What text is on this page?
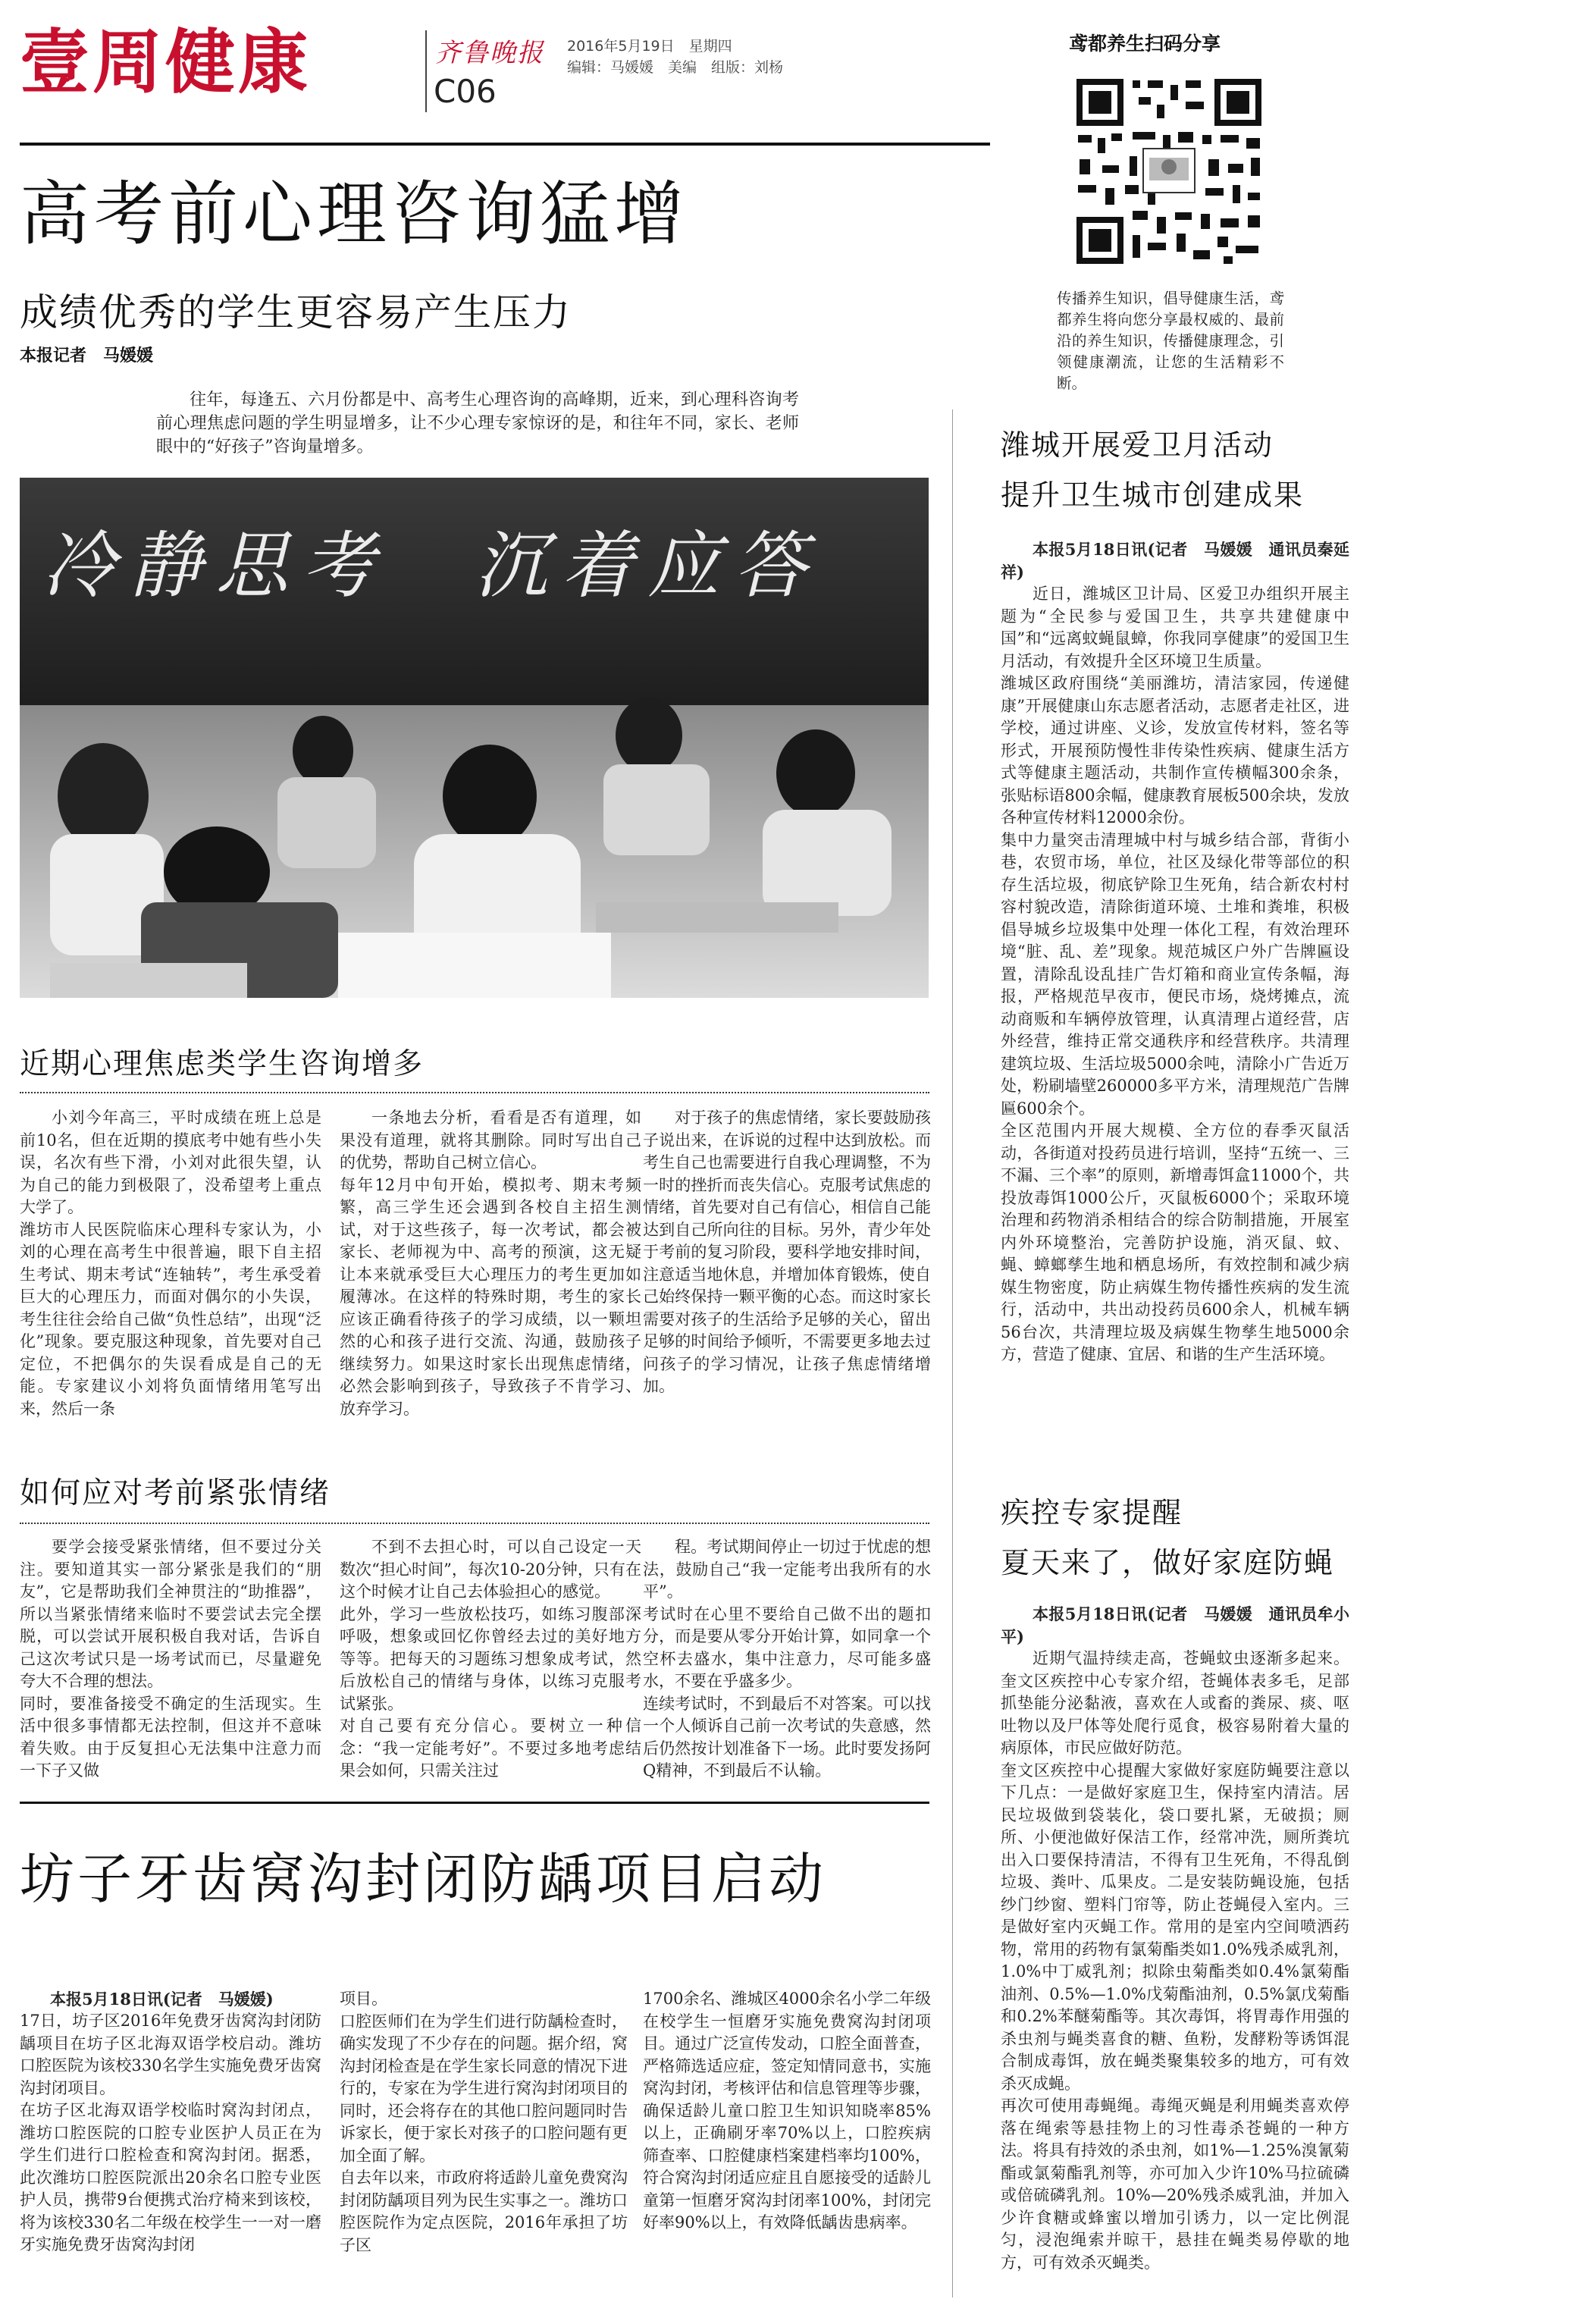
壹周健康	齐鲁晚报
C06
2016年5月19日　星期四
编辑：马媛媛　美编　组版：刘杨
鸢都养生扫码分享
传播养生知识，倡导健康生活，鸢都养生将向您分享最权威的、最前沿的养生知识，传播健康理念，引领健康潮流，让您的生活精彩不断。
高考前心理咨询猛增
成绩优秀的学生更容易产生压力
本报记者　马媛媛
往年，每逢五、六月份都是中、高考生心理咨询的高峰期，近来，到心理科咨询考前心理焦虑问题的学生明显增多，让不少心理专家惊讶的是，和往年不同，家长、老师眼中的“好孩子”咨询量增多。
冷静思考　沉着应答
近期心理焦虑类学生咨询增多

小刘今年高三，平时成绩在班上总是前10名，但在近期的摸底考中她有些小失误，名次有些下滑，小刘对此很失望，认为自己的能力到极限了，没希望考上重点大学了。
潍坊市人民医院临床心理科专家认为，小刘的心理在高考生中很普遍，眼下自主招生考试、期末考试“连轴转”，考生承受着巨大的心理压力，而面对偶尔的小失误，考生往往会给自己做“负性总结”，出现“泛化”现象。要克服这种现象，首先要对自己定位，不把偶尔的失误看成是自己的无能。专家建议小刘将负面情绪用笔写出来，然后一条

一条地去分析，看看是否有道理，如果没有道理，就将其删除。同时写出自己的优势，帮助自己树立信心。
每年12月中旬开始，模拟考、期末考频繁，高三学生还会遇到各校自主招生测试，对于这些孩子，每一次考试，都会被家长、老师视为中、高考的预演，这无疑让本来就承受巨大心理压力的考生更加如履薄冰。在这样的特殊时期，考生的家长应该正确看待孩子的学习成绩，以一颗坦然的心和孩子进行交流、沟通，鼓励孩子继续努力。如果这时家长出现焦虑情绪，必然会影响到孩子，导致孩子不肯学习、放弃学习。

对于孩子的焦虑情绪，家长要鼓励孩子说出来，在诉说的过程中达到放松。而考生自己也需要进行自我心理调整，不为一时的挫折而丧失信心。克服考试焦虑的情绪，首先要对自己有信心，相信自己能达到自己所向往的目标。另外，青少年处于考前的复习阶段，要科学地安排时间，注意适当地休息，并增加体育锻炼，使自己始终保持一颗平衡的心态。而这时家长需要对孩子的生活给予足够的关心，留出足够的时间给予倾听，不需要更多地去过问孩子的学习情况，让孩子焦虑情绪增加。

如何应对考前紧张情绪

要学会接受紧张情绪，但不要过分关注。要知道其实一部分紧张是我们的“朋友”，它是帮助我们全神贯注的“助推器”，所以当紧张情绪来临时不要尝试去完全摆脱，可以尝试开展积极自我对话，告诉自己这次考试只是一场考试而已，尽量避免夸大不合理的想法。
同时，要准备接受不确定的生活现实。生活中很多事情都无法控制，但这并不意味着失败。由于反复担心无法集中注意力而一下子又做

不到不去担心时，可以自己设定一天数次“担心时间”，每次10-20分钟，只有在这个时候才让自己去体验担心的感觉。
此外，学习一些放松技巧，如练习腹部深呼吸，想象或回忆你曾经去过的美好地方等等。把每天的习题练习想象成考试，然后放松自己的情绪与身体，以练习克服考试紧张。
对自己要有充分信心。要树立一种信念：“我一定能考好”。不要过多地考虑结果会如何，只需关注过

程。考试期间停止一切过于忧虑的想法，鼓励自己“我一定能考出我所有的水平”。
考试时在心里不要给自己做不出的题扣分，而是要从零分开始计算，如同拿一个空杯去盛水，集中注意力，尽可能多盛水，不要在乎盛多少。
连续考试时，不到最后不对答案。可以找一个人倾诉自己前一次考试的失意感，然后仍然按计划准备下一场。此时要发扬阿Q精神，不到最后不认输。

坊子牙齿窝沟封闭防龋项目启动
本报5月18日讯(记者　马媛媛)

17日，坊子区2016年免费牙齿窝沟封闭防龋项目在坊子区北海双语学校启动。潍坊口腔医院为该校330名学生实施免费牙齿窝沟封闭项目。
在坊子区北海双语学校临时窝沟封闭点，潍坊口腔医院的口腔专业医护人员正在为学生们进行口腔检查和窝沟封闭。据悉，此次潍坊口腔医院派出20余名口腔专业医护人员，携带9台便携式治疗椅来到该校，将为该校330名二年级在校学生一一对一磨牙实施免费牙齿窝沟封闭

项目。
口腔医师们在为学生们进行防龋检查时，确实发现了不少存在的问题。据介绍，窝沟封闭检查是在学生家长同意的情况下进行的，专家在为学生进行窝沟封闭项目的同时，还会将存在的其他口腔问题同时告诉家长，便于家长对孩子的口腔问题有更加全面了解。
自去年以来，市政府将适龄儿童免费窝沟封闭防龋项目列为民生实事之一。潍坊口腔医院作为定点医院，2016年承担了坊子区

1700余名、潍城区4000余名小学二年级在校学生一恒磨牙实施免费窝沟封闭项目。通过广泛宣传发动，口腔全面普查，严格筛选适应症，签定知情同意书，实施窝沟封闭，考核评估和信息管理等步骤，确保适龄儿童口腔卫生知识知晓率85%以上，正确刷牙率70%以上，口腔疾病筛查率、口腔健康档案建档率均100%，符合窝沟封闭适应症且自愿接受的适龄儿童第一恒磨牙窝沟封闭率100%，封闭完好率90%以上，有效降低龋齿患病率。

潍城开展爱卫月活动
提升卫生城市创建成果

本报5月18日讯(记者　马媛媛　通讯员秦延祥)

近日，潍城区卫计局、区爱卫办组织开展主题为“全民参与爱国卫生，共享共建健康中国”和“远离蚊蝇鼠蟑，你我同享健康”的爱国卫生月活动，有效提升全区环境卫生质量。
潍城区政府围绕“美丽潍坊，清洁家园，传递健康”开展健康山东志愿者活动，志愿者走社区，进学校，通过讲座、义诊，发放宣传材料，签名等形式，开展预防慢性非传染性疾病、健康生活方式等健康主题活动，共制作宣传横幅300余条，张贴标语800余幅，健康教育展板500余块，发放各种宣传材料12000余份。
集中力量突击清理城中村与城乡结合部，背街小巷，农贸市场，单位，社区及绿化带等部位的积存生活垃圾，彻底铲除卫生死角，结合新农村村容村貌改造，清除街道环境、土堆和粪堆，积极倡导城乡垃圾集中处理一体化工程，有效治理环境“脏、乱、差”现象。规范城区户外广告牌匾设置，清除乱设乱挂广告灯箱和商业宣传条幅，海报，严格规范早夜市，便民市场，烧烤摊点，流动商贩和车辆停放管理，认真清理占道经营，店外经营，维持正常交通秩序和经营秩序。共清理建筑垃圾、生活垃圾5000余吨，清除小广告近万处，粉刷墙壁260000多平方米，清理规范广告牌匾600余个。
全区范围内开展大规模、全方位的春季灭鼠活动，各街道对投药员进行培训，坚持“五统一、三不漏、三个率”的原则，新增毒饵盒11000个，共投放毒饵1000公斤，灭鼠板6000个；采取环境治理和药物消杀相结合的综合防制措施，开展室内外环境整治，完善防护设施，消灭鼠、蚊、蝇、蟑螂孳生地和栖息场所，有效控制和减少病媒生物密度，防止病媒生物传播性疾病的发生流行，活动中，共出动投药员600余人，机械车辆56台次，共清理垃圾及病媒生物孳生地5000余方，营造了健康、宜居、和谐的生产生活环境。

疾控专家提醒
夏天来了，做好家庭防蝇

本报5月18日讯(记者　马媛媛　通讯员牟小平)

近期气温持续走高，苍蝇蚊虫逐渐多起来。奎文区疾控中心专家介绍，苍蝇体表多毛，足部抓垫能分泌黏液，喜欢在人或畜的粪尿、痰、呕吐物以及尸体等处爬行觅食，极容易附着大量的病原体，市民应做好防范。
奎文区疾控中心提醒大家做好家庭防蝇要注意以下几点：一是做好家庭卫生，保持室内清洁。居民垃圾做到袋装化，袋口要扎紧，无破损；厕所、小便池做好保洁工作，经常冲洗，厕所粪坑出入口要保持清洁，不得有卫生死角，不得乱倒垃圾、粪叶、瓜果皮。二是安装防蝇设施，包括纱门纱窗、塑料门帘等，防止苍蝇侵入室内。三是做好室内灭蝇工作。常用的是室内空间喷洒药物，常用的药物有氯菊酯类如1.0%残杀威乳剂，1.0%中丁威乳剂；拟除虫菊酯类如0.4%氯菊酯油剂、0.5%—1.0%戊菊酯油剂，0.5%氯戊菊酯和0.2%苯醚菊酯等。其次毒饵，将胃毒作用强的杀虫剂与蝇类喜食的糖、鱼粉，发酵粉等诱饵混合制成毒饵，放在蝇类聚集较多的地方，可有效杀灭成蝇。
再次可使用毒蝇绳。毒绳灭蝇是利用蝇类喜欢停落在绳索等悬挂物上的习性毒杀苍蝇的一种方法。将具有持效的杀虫剂，如1%—1.25%溴氰菊酯或氯菊酯乳剂等，亦可加入少许10%马拉硫磷或倍硫磷乳剂。10%—20%残杀威乳油，并加入少许食糖或蜂蜜以增加引诱力，以一定比例混匀，浸泡绳索并晾干，悬挂在蝇类易停歇的地方，可有效杀灭蝇类。
